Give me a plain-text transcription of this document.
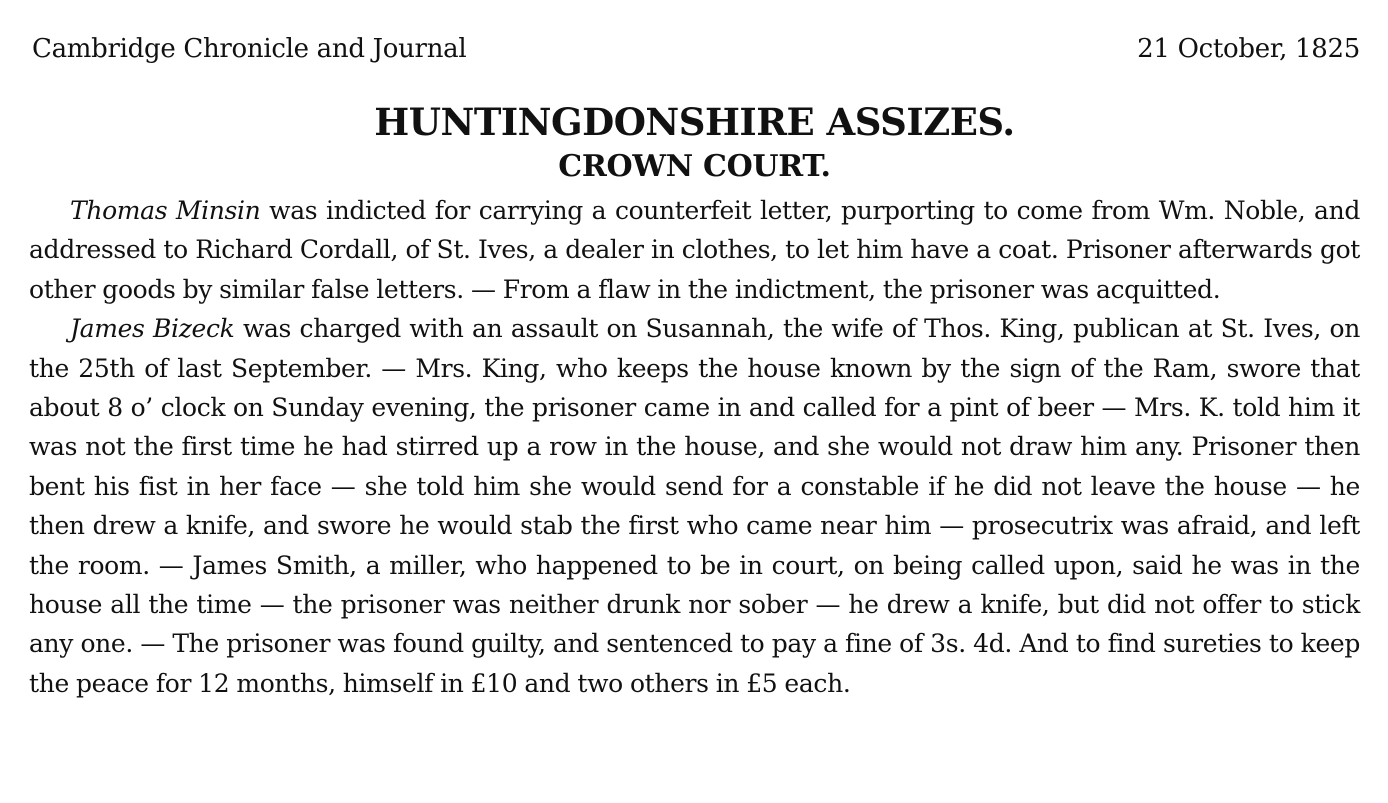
Cambridge Chronicle and Journal	21 October, 1825
HUNTINGDONSHIRE ASSIZES.
CROWN COURT.

Thomas Minsin was indicted for carrying a counterfeit letter, purporting to come from Wm. Noble, and addressed to Richard Cordall, of St. Ives, a dealer in clothes, to let him have a coat. Prisoner afterwards got other goods by similar false letters. — From a flaw in the indictment, the prisoner was acquitted.

James Bizeck was charged with an assault on Susannah, the wife of Thos. King, publican at St. Ives, on the 25th of last September. — Mrs. King, who keeps the house known by the sign of the Ram, swore that about 8 o’ clock on Sunday evening, the prisoner came in and called for a pint of beer — Mrs. K. told him it was not the first time he had stirred up a row in the house, and she would not draw him any. Prisoner then bent his fist in her face — she told him she would send for a constable if he did not leave the house — he then drew a knife, and swore he would stab the first who came near him — prosecutrix was afraid, and left the room. — James Smith, a miller, who happened to be in court, on being called upon, said he was in the house all the time — the prisoner was neither drunk nor sober — he drew a knife, but did not offer to stick any one. — The prisoner was found guilty, and sentenced to pay a fine of 3s. 4d. And to find sureties to keep the peace for 12 months, himself in £10 and two others in £5 each.
